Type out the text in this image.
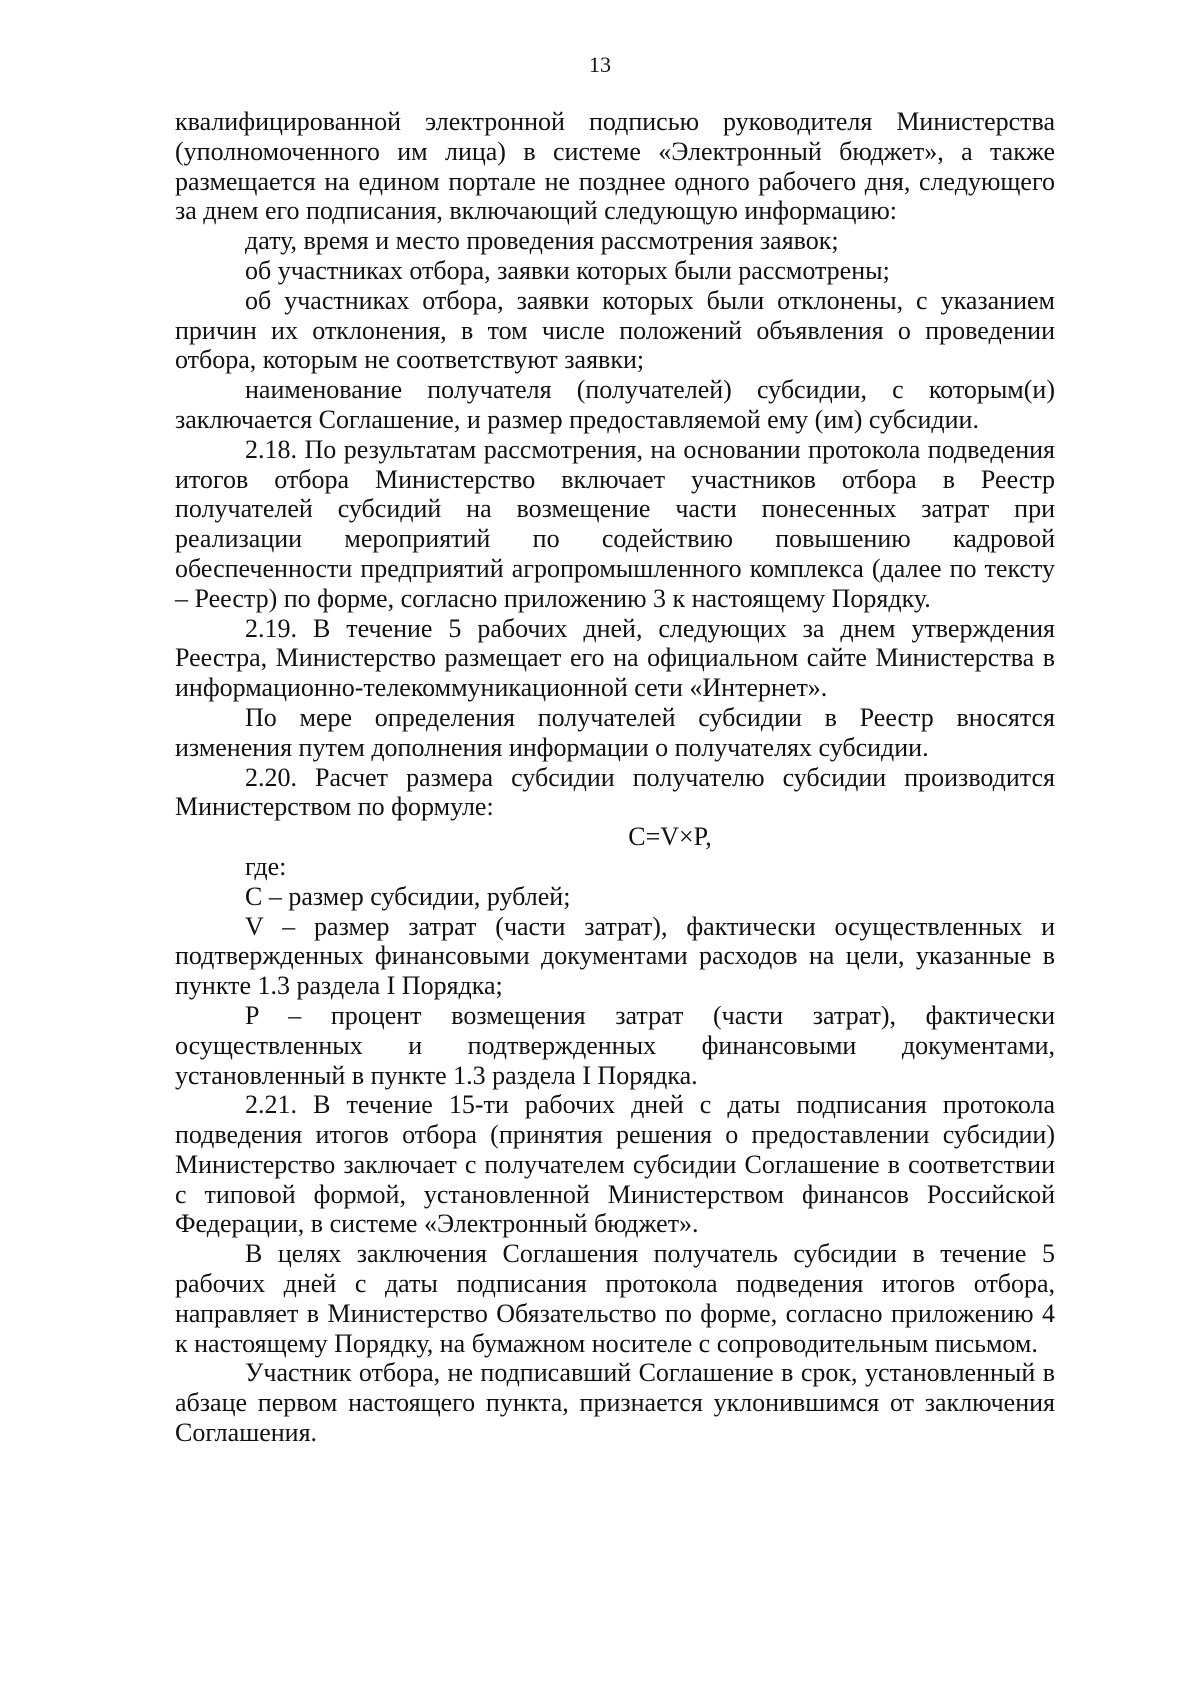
13

квалифицированной электронной подписью руководителя Министерства (уполномоченного им лица) в системе «Электронный бюджет», а также размещается на едином портале не позднее одного рабочего дня, следующего за днем его подписания, включающий следующую информацию:

дату, время и место проведения рассмотрения заявок;

об участниках отбора, заявки которых были рассмотрены;

об участниках отбора, заявки которых были отклонены, с указанием причин их отклонения, в том числе положений объявления о проведении отбора, которым не соответствуют заявки;

наименование получателя (получателей) субсидии, с которым(и) заключается Соглашение, и размер предоставляемой ему (им) субсидии.

2.18. По результатам рассмотрения, на основании протокола подведения итогов отбора Министерство включает участников отбора в Реестр получателей субсидий на возмещение части понесенных затрат при реализации мероприятий по содействию повышению кадровой обеспеченности предприятий агропромышленного комплекса (далее по тексту – Реестр) по форме, согласно приложению 3 к настоящему Порядку.

2.19. В течение 5 рабочих дней, следующих за днем утверждения Реестра, Министерство размещает его на официальном сайте Министерства в информационно-телекоммуникационной сети «Интернет».

По мере определения получателей субсидии в Реестр вносятся изменения путем дополнения информации о получателях субсидии.

2.20. Расчет размера субсидии получателю субсидии производится Министерством по формуле:

C=V×P,

где:

C – размер субсидии, рублей;

V – размер затрат (части затрат), фактически осуществленных и подтвержденных финансовыми документами расходов на цели, указанные в пункте 1.3 раздела I Порядка;

P – процент возмещения затрат (части затрат), фактически осуществленных и подтвержденных финансовыми документами, установленный в пункте 1.3 раздела I Порядка.

2.21. В течение 15-ти рабочих дней с даты подписания протокола подведения итогов отбора (принятия решения о предоставлении субсидии) Министерство заключает с получателем субсидии Соглашение в соответствии с типовой формой, установленной Министерством финансов Российской Федерации, в системе «Электронный бюджет».

В целях заключения Соглашения получатель субсидии в течение 5 рабочих дней с даты подписания протокола подведения итогов отбора, направляет в Министерство Обязательство по форме, согласно приложению 4 к настоящему Порядку, на бумажном носителе с сопроводительным письмом.

Участник отбора, не подписавший Соглашение в срок, установленный в абзаце первом настоящего пункта, признается уклонившимся от заключения Соглашения.
